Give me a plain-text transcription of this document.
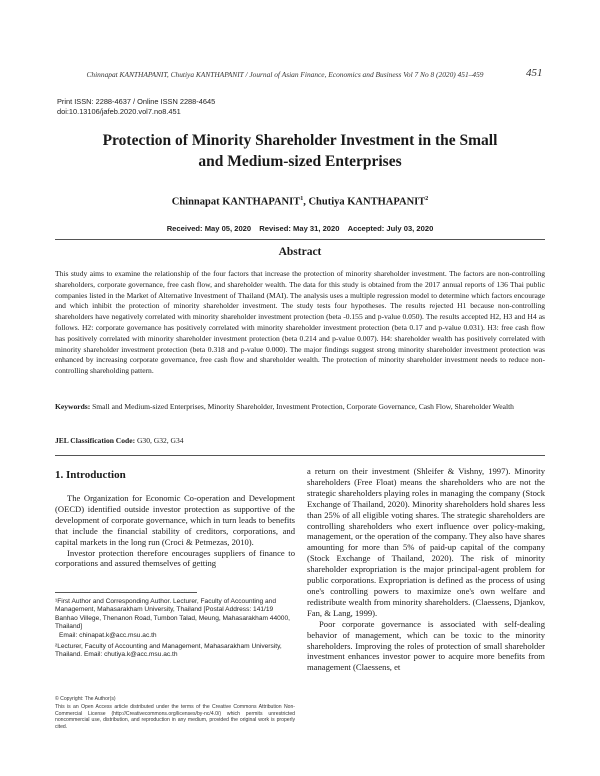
Chinnapat KANTHAPANIT, Chutiya KANTHAPANIT / Journal of Asian Finance, Economics and Business Vol 7 No 8 (2020) 451–459	451
Print ISSN: 2288-4637 / Online ISSN 2288-4645
doi:10.13106/jafeb.2020.vol7.no8.451
Protection of Minority Shareholder Investment in the Small
and Medium-sized Enterprises
Chinnapat KANTHAPANIT$^1$, Chutiya KANTHAPANIT$^2$
Received: May 05, 2020 Revised: May 31, 2020 Accepted: July 03, 2020
Abstract
This study aims to examine the relationship of the four factors that increase the protection of minority shareholder investment. The factors are non-controlling shareholders, corporate governance, free cash flow, and shareholder wealth. The data for this study is obtained from the 2017 annual reports of 136 Thai public companies listed in the Market of Alternative Investment of Thailand (MAI). The analysis uses a multiple regression model to determine which factors encourage and which inhibit the protection of minority shareholder investment. The study tests four hypotheses. The results rejected H1 because non-controlling shareholders have negatively correlated with minority shareholder investment protection (beta -0.155 and p-value 0.050). The results accepted H2, H3 and H4 as follows. H2: corporate governance has positively correlated with minority shareholder investment protection (beta 0.17 and p-value 0.031). H3: free cash flow has positively correlated with minority shareholder investment protection (beta 0.214 and p-value 0.007). H4: shareholder wealth has positively correlated with minority shareholder investment protection (beta 0.318 and p-value 0.000). The major findings suggest strong minority shareholder investment protection was enhanced by increasing corporate governance, free cash flow and shareholder wealth. The protection of minority shareholder investment needs to reduce non-controlling shareholding pattern.
Keywords: Small and Medium-sized Enterprises, Minority Shareholder, Investment Protection, Corporate Governance, Cash Flow, Shareholder Wealth
JEL Classification Code: G30, G32, G34
1. Introduction

The Organization for Economic Co-operation and Development (OECD) identified outside investor protection as supportive of the development of corporate governance, which in turn leads to benefits that include the financial stability of creditors, corporations, and capital markets in the long run (Croci & Petmezas, 2010).

Investor protection therefore encourages suppliers of finance to corporations and assured themselves of getting

a return on their investment (Shleifer & Vishny, 1997). Minority shareholders (Free Float) means the shareholders who are not the strategic shareholders playing roles in managing the company (Stock Exchange of Thailand, 2020). Minority shareholders hold shares less than 25% of all eligible voting shares. The strategic shareholders are controlling shareholders who exert influence over policy-making, management, or the operation of the company. They also have shares amounting for more than 5% of paid-up capital of the company (Stock Exchange of Thailand, 2020). The risk of minority shareholder expropriation is the major principal-agent problem for public corporations. Expropriation is defined as the process of using one's controlling powers to maximize one's own welfare and redistribute wealth from minority shareholders. (Claessens, Djankov, Fan, & Lang, 1999).

Poor corporate governance is associated with self-dealing behavior of management, which can be toxic to the minority shareholders. Improving the roles of protection of small shareholder investment enhances investor power to acquire more benefits from management (Claessens, et

¹First Author and Corresponding Author. Lecturer, Faculty of Accounting and Management, Mahasarakham University, Thailand [Postal Address: 141/19 Banhao Villege, Thenanon Road, Tumbon Talad, Meung, Mahasarakham 44000, Thailand]
Email: chinapat.k@acc.msu.ac.th

²Lecturer, Faculty of Accounting and Management, Mahasarakham University, Thailand. Email: chutiya.k@acc.msu.ac.th

© Copyright: The Author(s)

This is an Open Access article distributed under the terms of the Creative Commons Attribution Non-Commercial License (http://Creativecommons.org/licenses/by-nc/4.0/) which permits unrestricted noncommercial use, distribution, and reproduction in any medium, provided the original work is properly cited.
